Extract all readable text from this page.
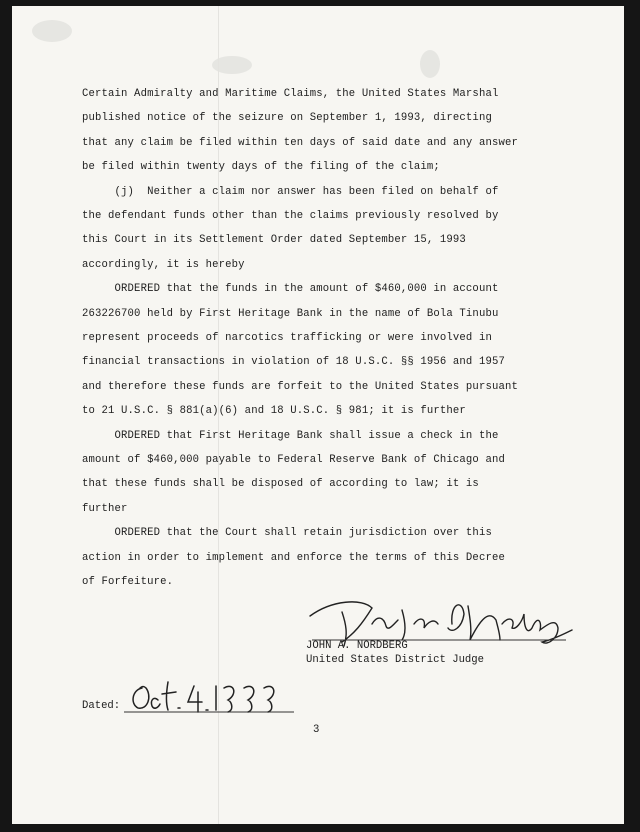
Certain Admiralty and Maritime Claims, the United States Marshal
published notice of the seizure on September 1, 1993, directing
that any claim be filed within ten days of said date and any answer
be filed within twenty days of the filing of the claim;
(j)  Neither a claim nor answer has been filed on behalf of
the defendant funds other than the claims previously resolved by
this Court in its Settlement Order dated September 15, 1993
accordingly, it is hereby
ORDERED that the funds in the amount of $460,000 in account
263226700 held by First Heritage Bank in the name of Bola Tinubu
represent proceeds of narcotics trafficking or were involved in
financial transactions in violation of 18 U.S.C. §§ 1956 and 1957
and therefore these funds are forfeit to the United States pursuant
to 21 U.S.C. § 881(a)(6) and 18 U.S.C. § 981; it is further
ORDERED that First Heritage Bank shall issue a check in the
amount of $460,000 payable to Federal Reserve Bank of Chicago and
that these funds shall be disposed of according to law; it is
further
ORDERED that the Court shall retain jurisdiction over this
action in order to implement and enforce the terms of this Decree
of Forfeiture.
JOHN A. NORDBERG
United States District Judge
Dated:
3
